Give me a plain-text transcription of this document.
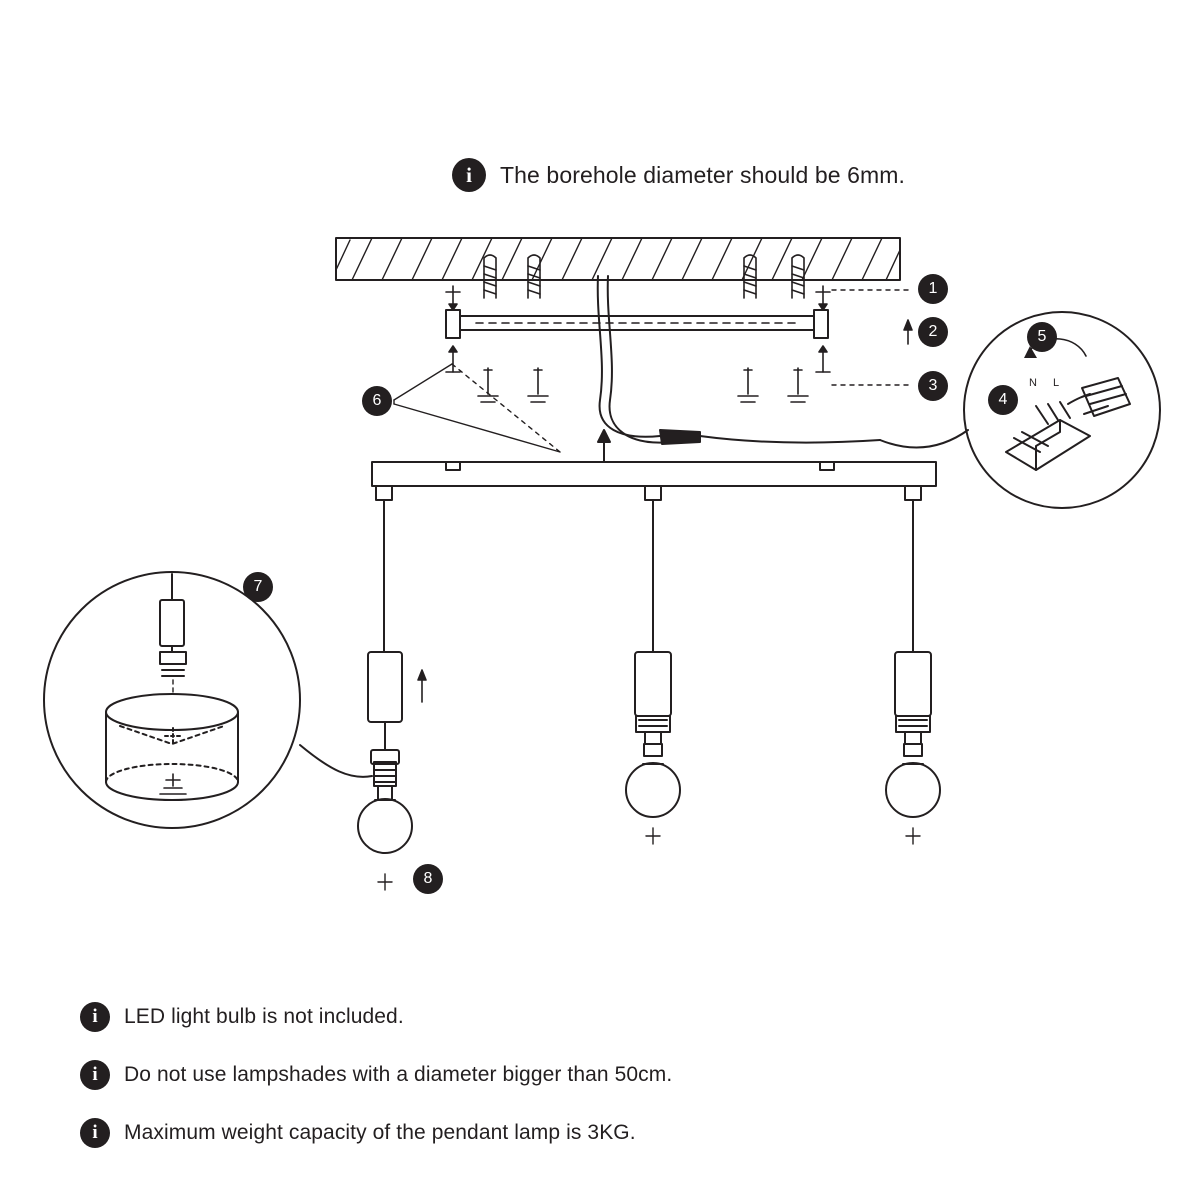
i	The borehole diameter should be 6mm.
i	LED light bulb is not included.
i	Do not use lampshades with a diameter bigger than 50cm.
i	Maximum weight capacity of the pendant lamp is 3KG.
1
2
3
4
5
6
7
8
N L
